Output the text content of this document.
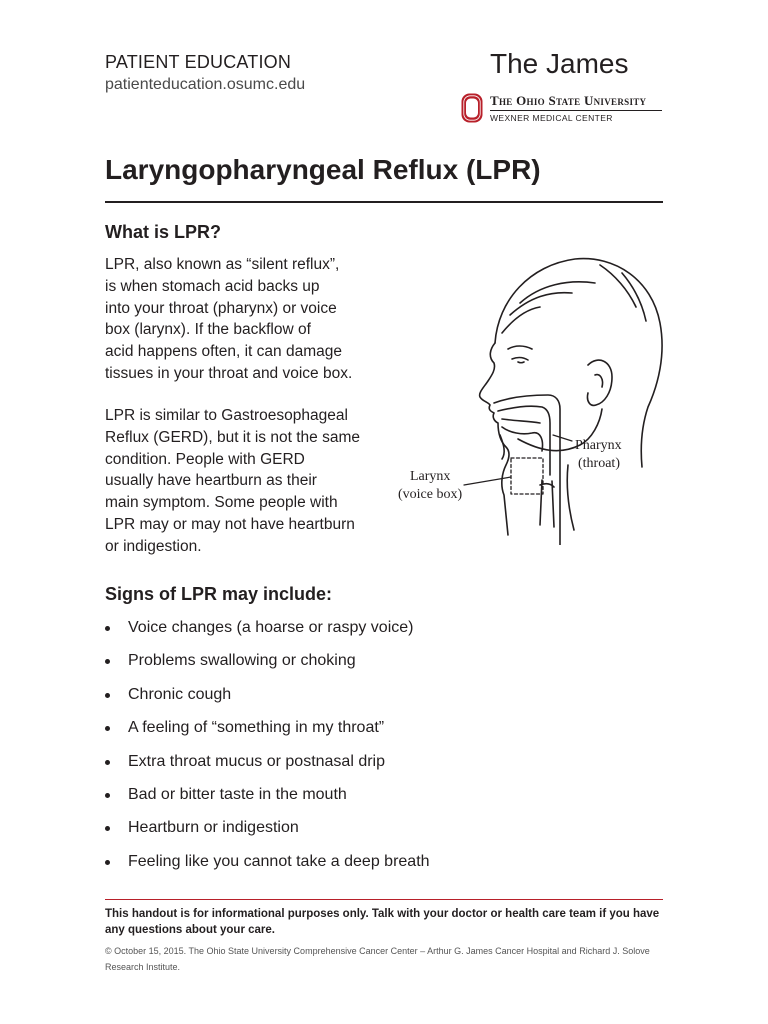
PATIENT EDUCATION
patienteducation.osumc.edu
The James
The Ohio State University
WEXNER MEDICAL CENTER
Laryngopharyngeal Reflux (LPR)
What is LPR?

LPR, also known as “silent reflux”,

is when stomach acid backs up

into your throat (pharynx) or voice

box (larynx). If the backflow of

acid happens often, it can damage

tissues in your throat and voice box.

LPR is similar to Gastroesophageal

Reflux (GERD), but it is not the same

condition. People with GERD

usually have heartburn as their

main symptom. Some people with

LPR may or may not have heartburn

or indigestion.

Pharynx
(throat)
Larynx
(voice box)
Signs of LPR may include:
Voice changes (a hoarse or raspy voice)
Problems swallowing or choking
Chronic cough
A feeling of “something in my throat”
Extra throat mucus or postnasal drip
Bad or bitter taste in the mouth
Heartburn or indigestion
Feeling like you cannot take a deep breath
This handout is for informational purposes only. Talk with your doctor or health care team if you have any questions about your care.
© October 15, 2015. The Ohio State University Comprehensive Cancer Center – Arthur G. James Cancer Hospital and Richard J. Solove Research Institute.
